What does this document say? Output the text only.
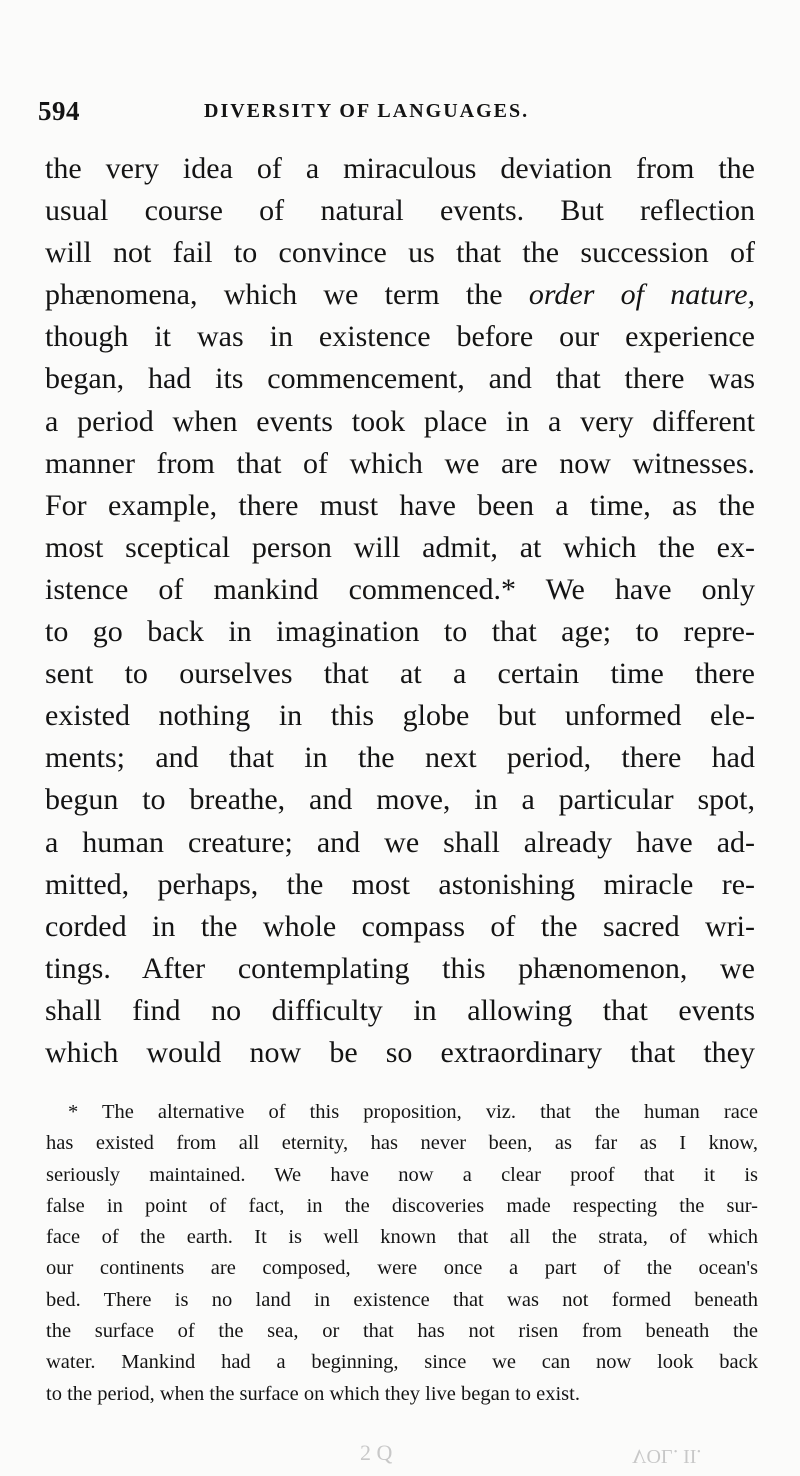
594	DIVERSITY OF LANGUAGES.
the very idea of a miraculous deviation from the
usual course of natural events. But reflection
will not fail to convince us that the succession of
phænomena, which we term the order of nature,
though it was in existence before our experience
began, had its commencement, and that there was
a period when events took place in a very different
manner from that of which we are now witnesses.
For example, there must have been a time, as the
most sceptical person will admit, at which the ex-
istence of mankind commenced.* We have only
to go back in imagination to that age; to repre-
sent to ourselves that at a certain time there
existed nothing in this globe but unformed ele-
ments; and that in the next period, there had
begun to breathe, and move, in a particular spot,
a human creature; and we shall already have ad-
mitted, perhaps, the most astonishing miracle re-
corded in the whole compass of the sacred wri-
tings. After contemplating this phænomenon, we
shall find no difficulty in allowing that events
which would now be so extraordinary that they
* The alternative of this proposition, viz. that the human race
has existed from all eternity, has never been, as far as I know,
seriously maintained. We have now a clear proof that it is
false in point of fact, in the discoveries made respecting the sur-
face of the earth. It is well known that all the strata, of which
our continents are composed, were once a part of the ocean's
bed. There is no land in existence that was not formed beneath
the surface of the sea, or that has not risen from beneath the
water. Mankind had a beginning, since we can now look back
to the period, when the surface on which they live began to exist.
2 Q	VOL. II.
